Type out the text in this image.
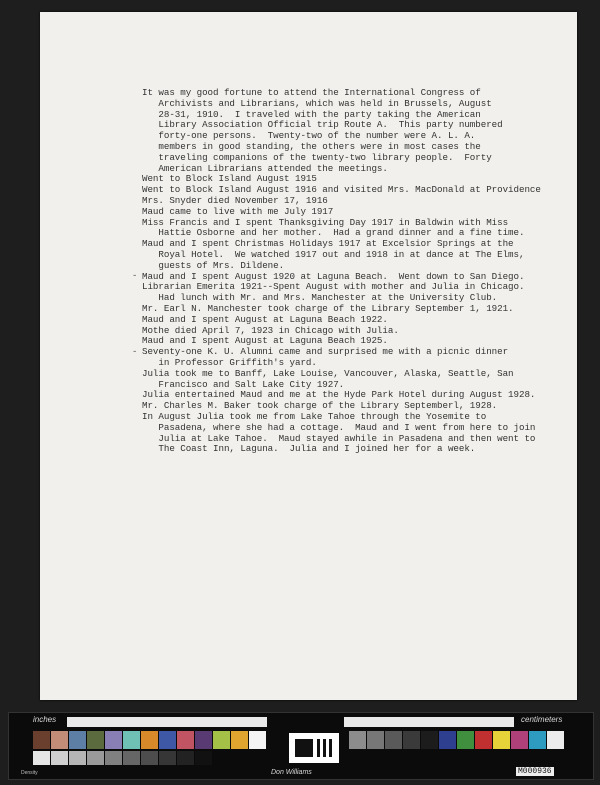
It was my good fortune to attend the International Congress of
Archivists and Librarians, which was held in Brussels, August
28-31, 1910.  I traveled with the party taking the American
Library Association Official trip Route A.  This party numbered
forty-one persons.  Twenty-two of the number were A. L. A.
members in good standing, the others were in most cases the
traveling companions of the twenty-two library people.  Forty
American Librarians attended the meetings.
Went to Block Island August 1915
Went to Block Island August 1916 and visited Mrs. MacDonald at Providence
Mrs. Snyder died November 17, 1916
Maud came to live with me July 1917
Miss Francis and I spent Thanksgiving Day 1917 in Baldwin with Miss
Hattie Osborne and her mother.  Had a grand dinner and a fine time.
Maud and I spent Christmas Holidays 1917 at Excelsior Springs at the
Royal Hotel.  We watched 1917 out and 1918 in at dance at The Elms,
guests of Mrs. Dildene.
Maud and I spent August 1920 at Laguna Beach.  Went down to San Diego.
Librarian Emerita 1921--Spent August with mother and Julia in Chicago.
Had lunch with Mr. and Mrs. Manchester at the University Club.
Mr. Earl N. Manchester took charge of the Library September 1, 1921.
Maud and I spent August at Laguna Beach 1922.
Mothe died April 7, 1923 in Chicago with Julia.
Maud and I spent August at Laguna Beach 1925.
Seventy-one K. U. Alumni came and surprised me with a picnic dinner
in Professor Griffith's yard.
Julia took me to Banff, Lake Louise, Vancouver, Alaska, Seattle, San
Francisco and Salt Lake City 1927.
Julia entertained Maud and me at the Hyde Park Hotel during August 1928.
Mr. Charles M. Baker took charge of the Library Septemberl, 1928.
In August Julia took me from Lake Tahoe through the Yosemite to
Pasadena, where she had a cottage.  Maud and I went from here to join
Julia at Lake Tahoe.  Maud stayed awhile in Pasadena and then went to
The Coast Inn, Laguna.  Julia and I joined her for a week.
-
-
inches	centimeters
Density	Don Williams	M000936
